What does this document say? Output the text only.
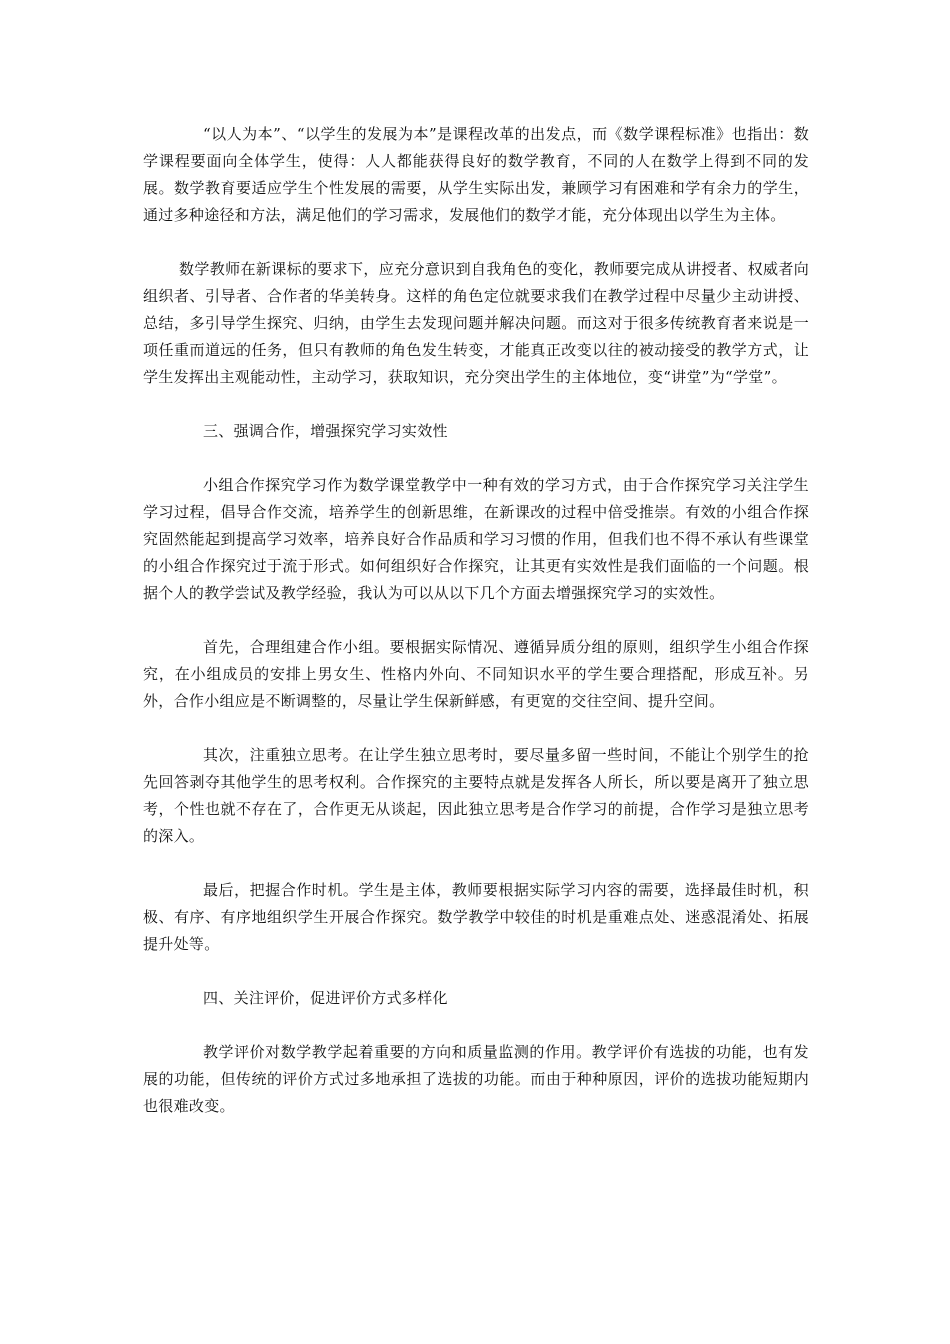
“以人为本”、“以学生的发展为本”是课程改革的出发点，而《数学课程标准》也指出：数学课程要面向全体学生，使得：人人都能获得良好的数学教育，不同的人在数学上得到不同的发展。数学教育要适应学生个性发展的需要，从学生实际出发，兼顾学习有困难和学有余力的学生，通过多种途径和方法，满足他们的学习需求，发展他们的数学才能，充分体现出以学生为主体。

数学教师在新课标的要求下，应充分意识到自我角色的变化，教师要完成从讲授者、权威者向组织者、引导者、合作者的华美转身。这样的角色定位就要求我们在教学过程中尽量少主动讲授、总结，多引导学生探究、归纳，由学生去发现问题并解决问题。而这对于很多传统教育者来说是一项任重而道远的任务，但只有教师的角色发生转变，才能真正改变以往的被动接受的教学方式，让学生发挥出主观能动性，主动学习，获取知识，充分突出学生的主体地位，变“讲堂”为“学堂”。

三、强调合作，增强探究学习实效性

小组合作探究学习作为数学课堂教学中一种有效的学习方式，由于合作探究学习关注学生学习过程，倡导合作交流，培养学生的创新思维，在新课改的过程中倍受推崇。有效的小组合作探究固然能起到提高学习效率，培养良好合作品质和学习习惯的作用，但我们也不得不承认有些课堂的小组合作探究过于流于形式。如何组织好合作探究，让其更有实效性是我们面临的一个问题。根据个人的教学尝试及教学经验，我认为可以从以下几个方面去增强探究学习的实效性。

首先，合理组建合作小组。要根据实际情况、遵循异质分组的原则，组织学生小组合作探究，在小组成员的安排上男女生、性格内外向、不同知识水平的学生要合理搭配，形成互补。另外，合作小组应是不断调整的，尽量让学生保新鲜感，有更宽的交往空间、提升空间。

其次，注重独立思考。在让学生独立思考时，要尽量多留一些时间，不能让个别学生的抢先回答剥夺其他学生的思考权利。合作探究的主要特点就是发挥各人所长，所以要是离开了独立思考，个性也就不存在了，合作更无从谈起，因此独立思考是合作学习的前提，合作学习是独立思考的深入。

最后，把握合作时机。学生是主体，教师要根据实际学习内容的需要，选择最佳时机，积极、有序、有序地组织学生开展合作探究。数学教学中较佳的时机是重难点处、迷惑混淆处、拓展提升处等。

四、关注评价，促进评价方式多样化

教学评价对数学教学起着重要的方向和质量监测的作用。教学评价有选拔的功能，也有发展的功能，但传统的评价方式过多地承担了选拔的功能。而由于种种原因，评价的选拔功能短期内也很难改变。
